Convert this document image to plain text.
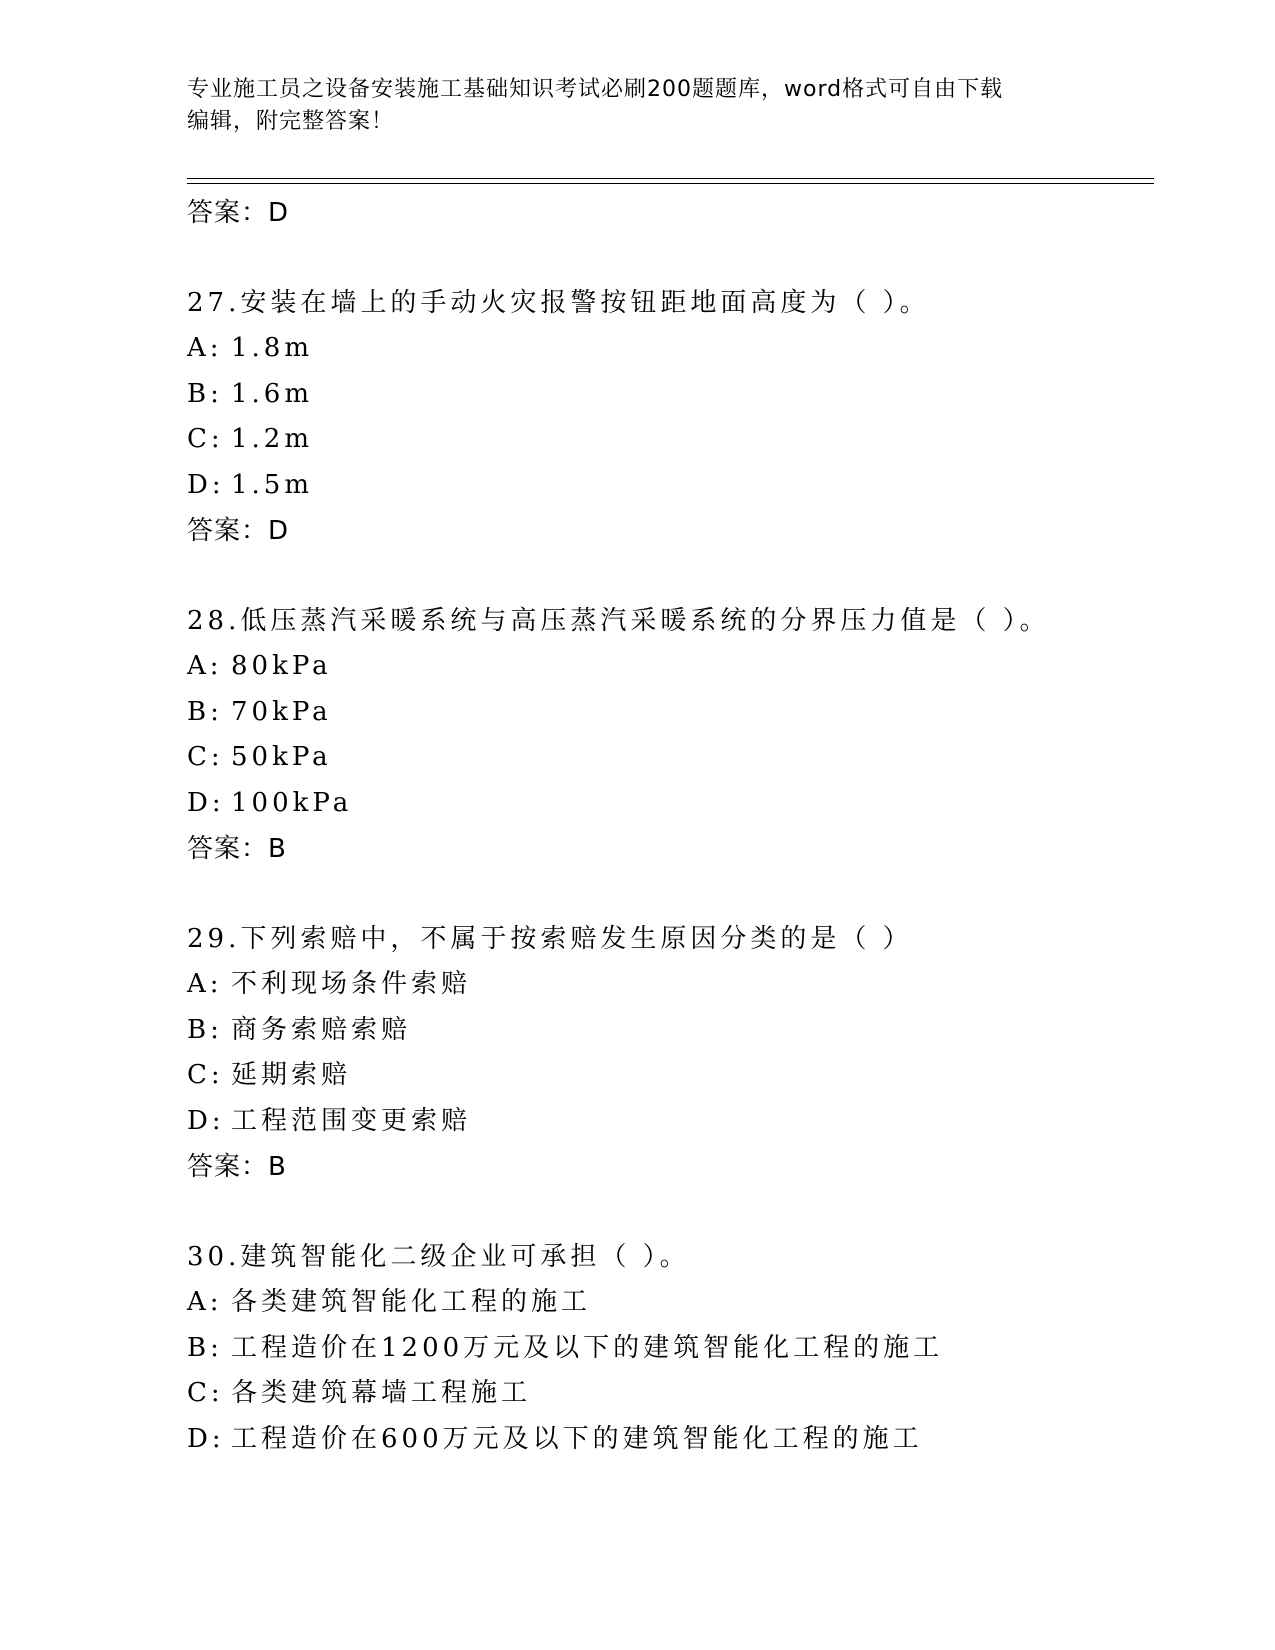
专业施工员之设备安装施工基础知识考试必刷200题题库，word格式可自由下载
编辑，附完整答案！
答案：D
27.安装在墙上的手动火灾报警按钮距地面高度为（ ）。
A: 1.8m
B: 1.6m
C: 1.2m
D: 1.5m
答案：D
28.低压蒸汽采暖系统与高压蒸汽采暖系统的分界压力值是（ ）。
A: 80kPa
B: 70kPa
C: 50kPa
D: 100kPa
答案：B
29.下列索赔中，不属于按索赔发生原因分类的是（ ）
A: 不利现场条件索赔
B: 商务索赔索赔
C: 延期索赔
D: 工程范围变更索赔
答案：B
30.建筑智能化二级企业可承担（ ）。
A: 各类建筑智能化工程的施工
B: 工程造价在1200万元及以下的建筑智能化工程的施工
C: 各类建筑幕墙工程施工
D: 工程造价在600万元及以下的建筑智能化工程的施工
